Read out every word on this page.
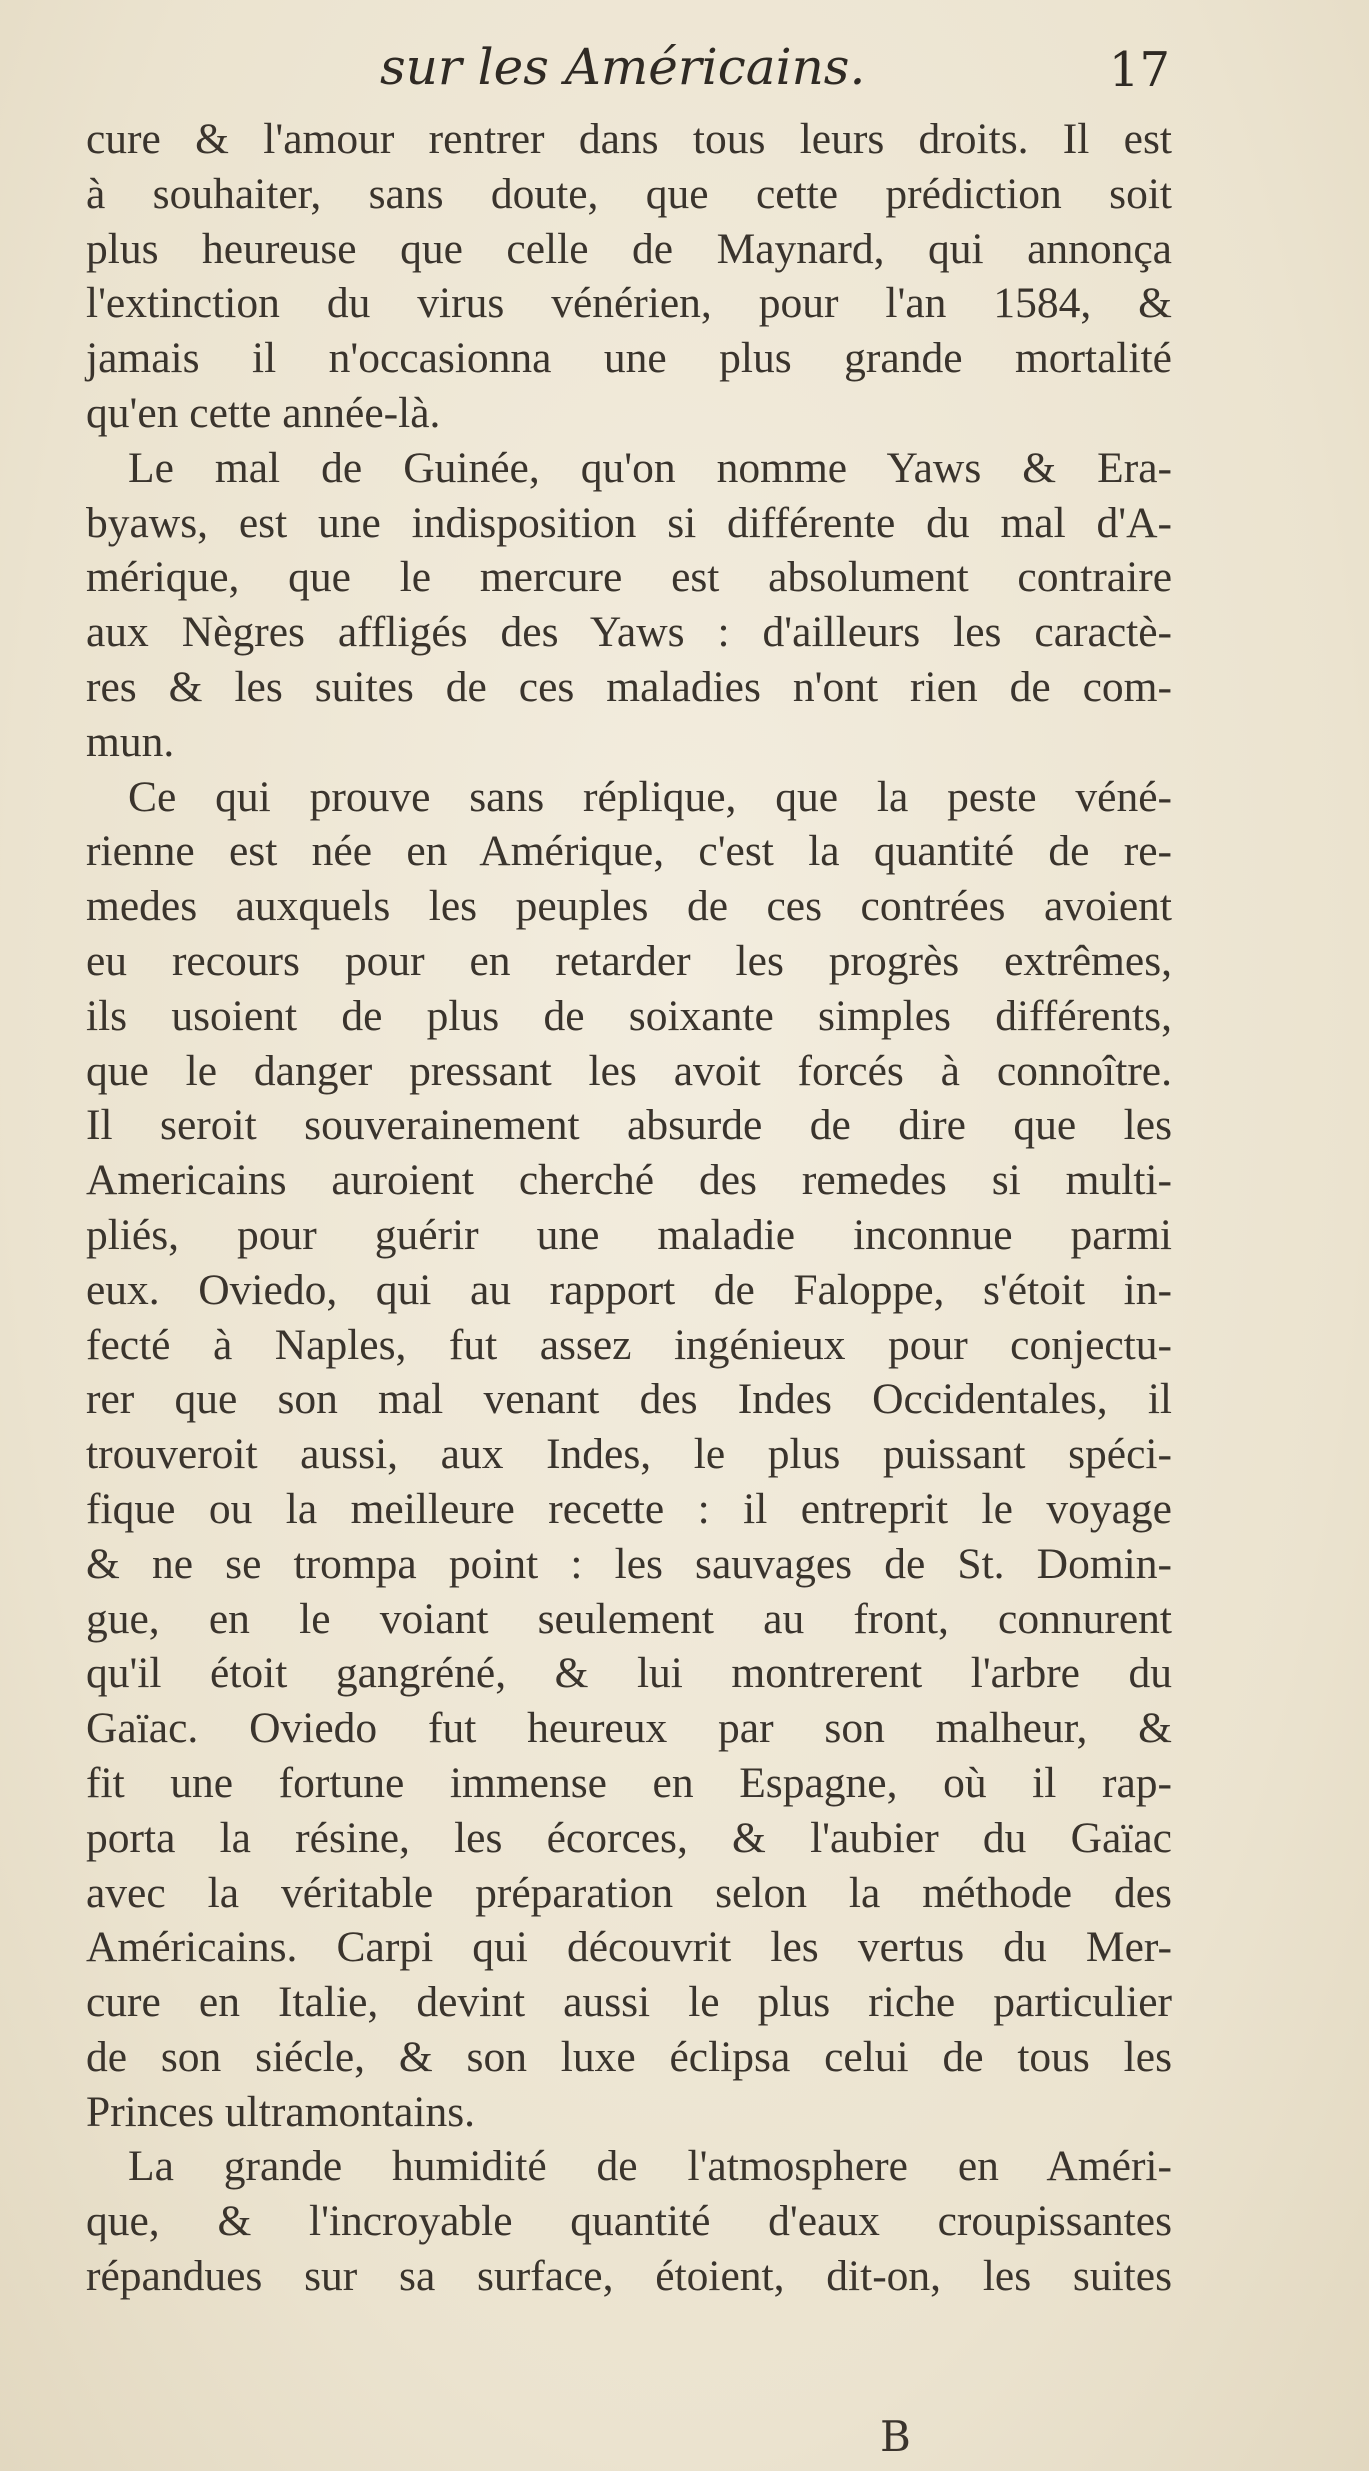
sur les Américains.	17
cure & l'amour rentrer dans tous leurs droits. Il est
à souhaiter, sans doute, que cette prédiction soit
plus heureuse que celle de Maynard, qui annonça
l'extinction du virus vénérien, pour l'an 1584, &
jamais il n'occasionna une plus grande mortalité
qu'en cette année-là.
Le mal de Guinée, qu'on nomme Yaws & Era-
byaws, est une indisposition si différente du mal d'A-
mérique, que le mercure est absolument contraire
aux Nègres affligés des Yaws : d'ailleurs les caractè-
res & les suites de ces maladies n'ont rien de com-
mun.
Ce qui prouve sans réplique, que la peste véné-
rienne est née en Amérique, c'est la quantité de re-
medes auxquels les peuples de ces contrées avoient
eu recours pour en retarder les progrès extrêmes,
ils usoient de plus de soixante simples différents,
que le danger pressant les avoit forcés à connoître.
Il seroit souverainement absurde de dire que les
Americains auroient cherché des remedes si multi-
pliés, pour guérir une maladie inconnue parmi
eux. Oviedo, qui au rapport de Faloppe, s'étoit in-
fecté à Naples, fut assez ingénieux pour conjectu-
rer que son mal venant des Indes Occidentales, il
trouveroit aussi, aux Indes, le plus puissant spéci-
fique ou la meilleure recette : il entreprit le voyage
& ne se trompa point : les sauvages de St. Domin-
gue, en le voiant seulement au front, connurent
qu'il étoit gangréné, & lui montrerent l'arbre du
Gaïac. Oviedo fut heureux par son malheur, &
fit une fortune immense en Espagne, où il rap-
porta la résine, les écorces, & l'aubier du Gaïac
avec la véritable préparation selon la méthode des
Américains. Carpi qui découvrit les vertus du Mer-
cure en Italie, devint aussi le plus riche particulier
de son siécle, & son luxe éclipsa celui de tous les
Princes ultramontains.
La grande humidité de l'atmosphere en Améri-
que, & l'incroyable quantité d'eaux croupissantes
répandues sur sa surface, étoient, dit-on, les suites
B
